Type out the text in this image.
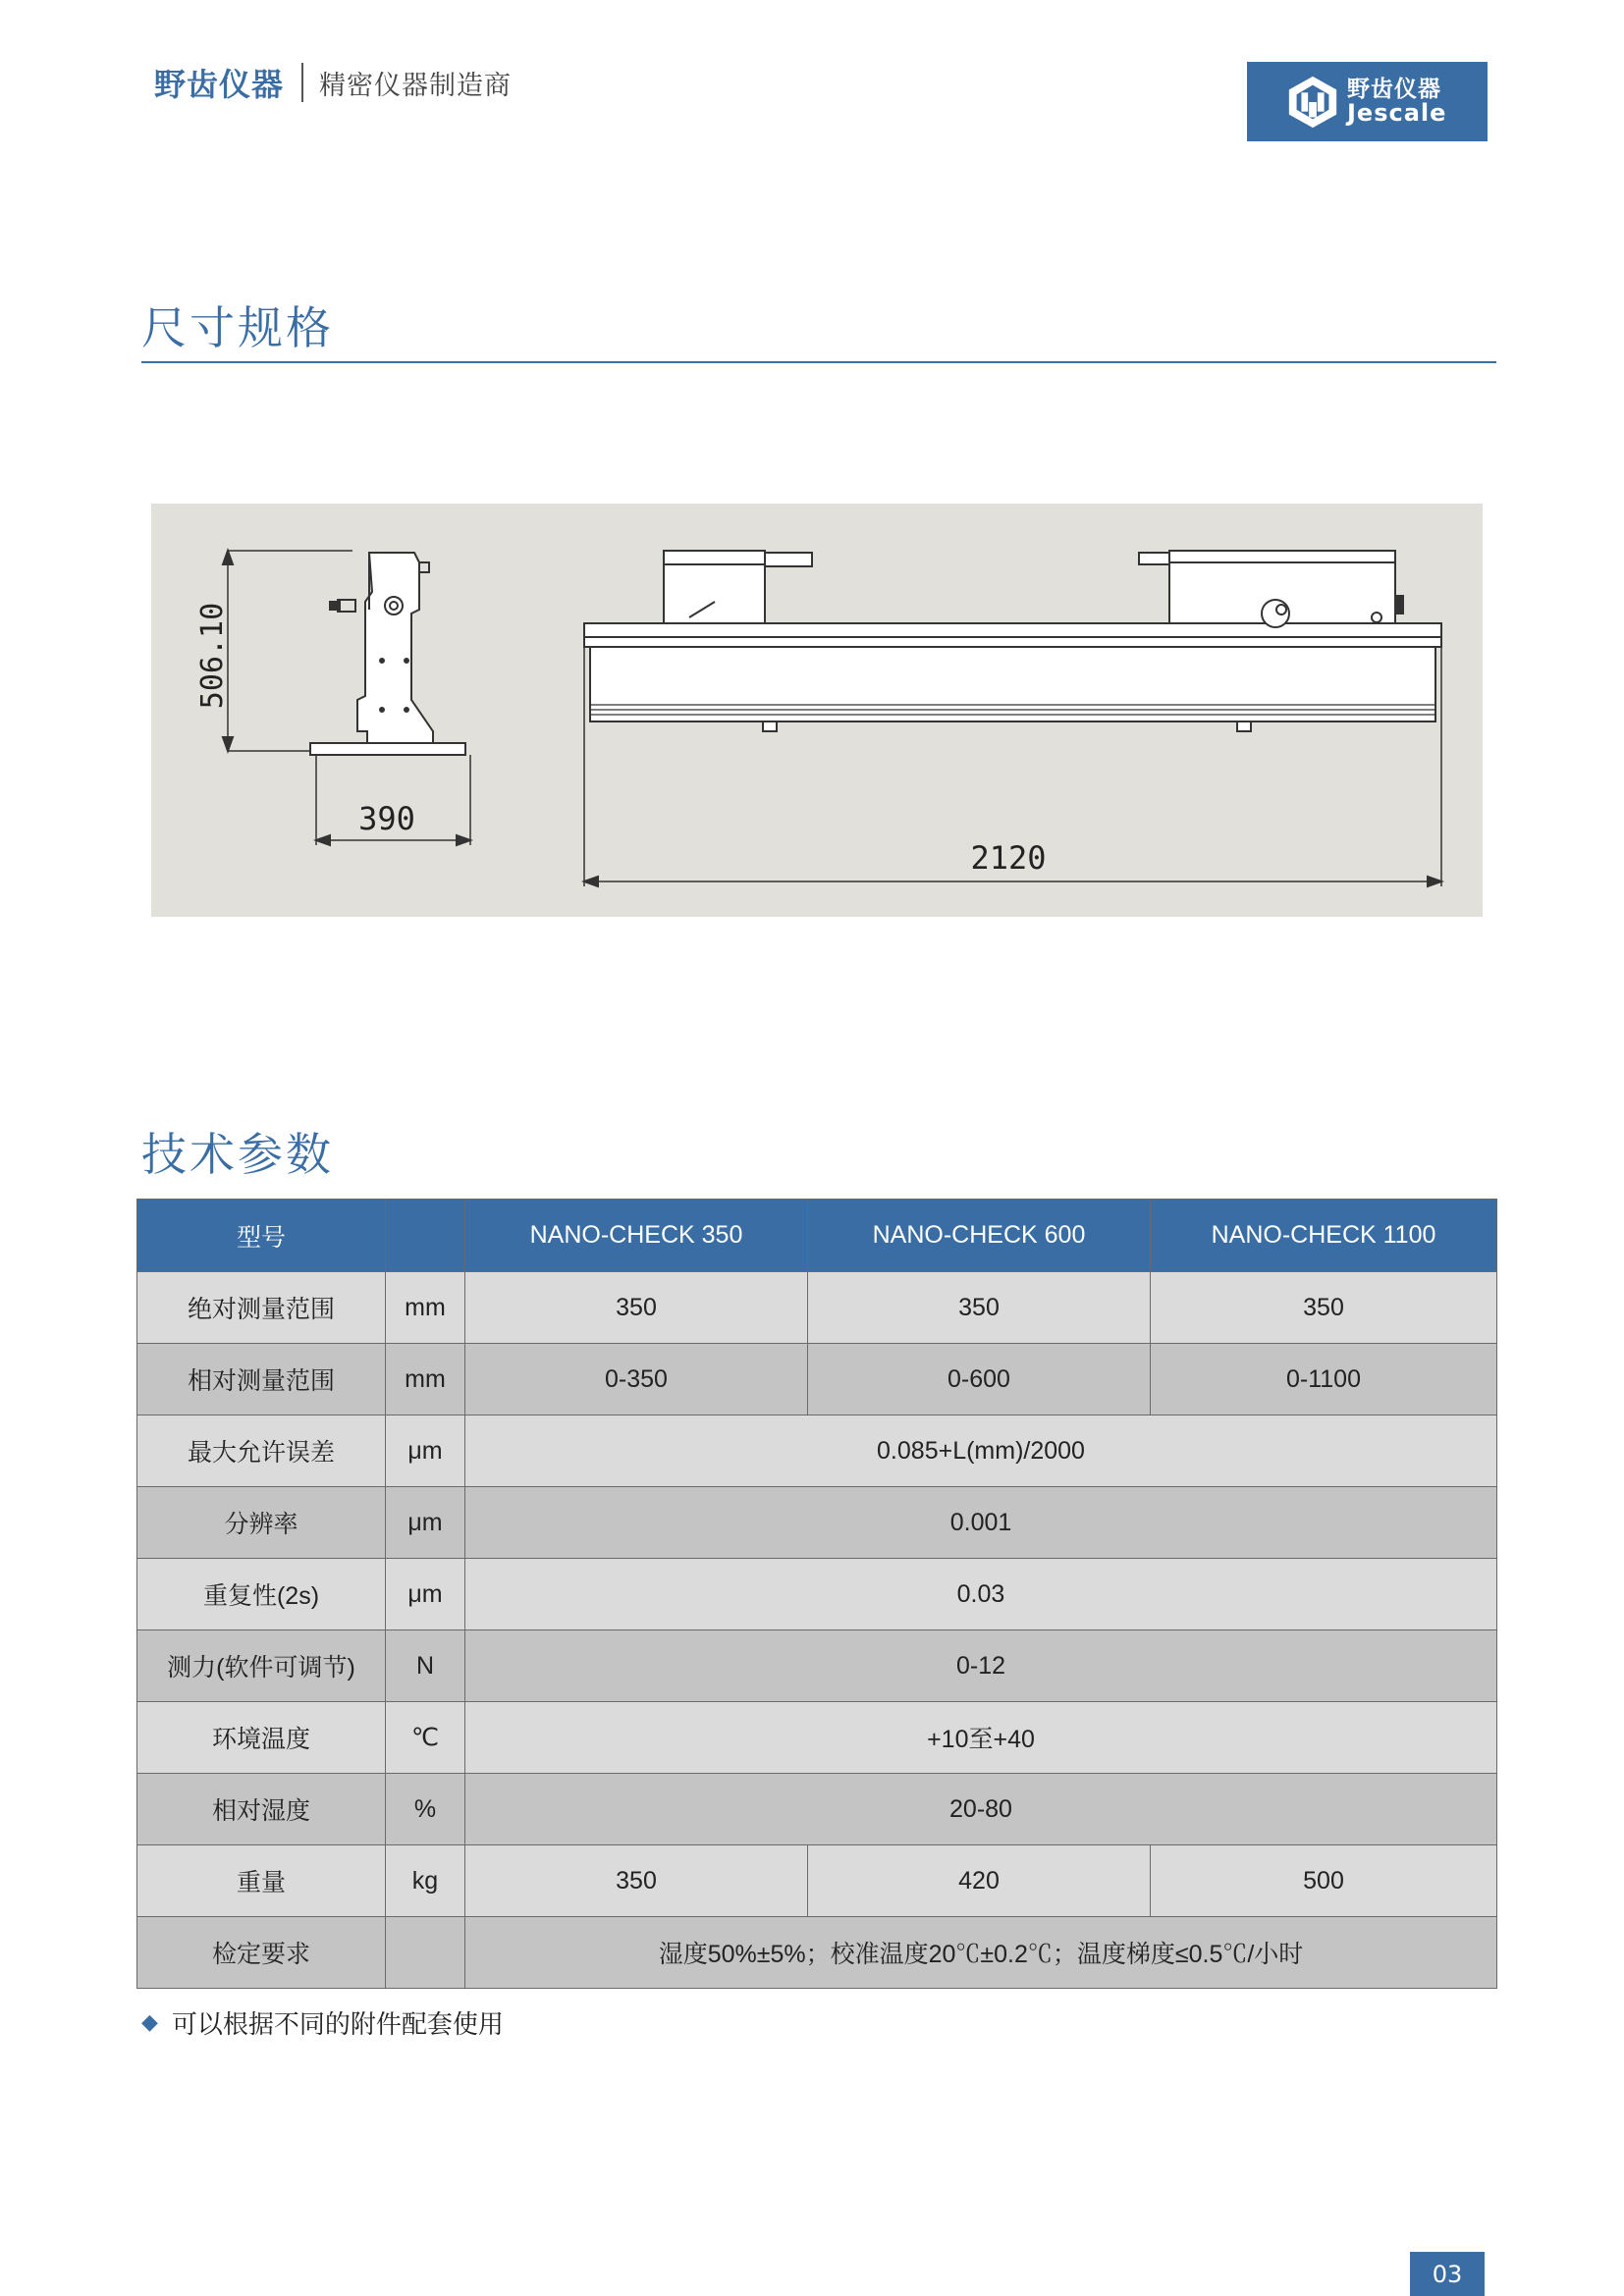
野齿仪器 精密仪器制造商	野齿仪器
Jescale
尺寸规格
506.10
390
2120
技术参数
型号		NANO-CHECK 350	NANO-CHECK 600	NANO-CHECK 1100
绝对测量范围	mm	350	350	350
相对测量范围	mm	0-350	0-600	0-1100
最大允许误差	μm	0.085+L(mm)/2000		
分辨率	μm	0.001		
重复性(2s)	μm	0.03		
测力(软件可调节)	N	0-12		
环境温度	℃	+10至+40		
相对湿度	%	20-80		
重量	kg	350	420	500
检定要求		湿度50%±5%；校准温度20℃±0.2℃；温度梯度≤0.5℃/小时		
◆ 可以根据不同的附件配套使用
03
